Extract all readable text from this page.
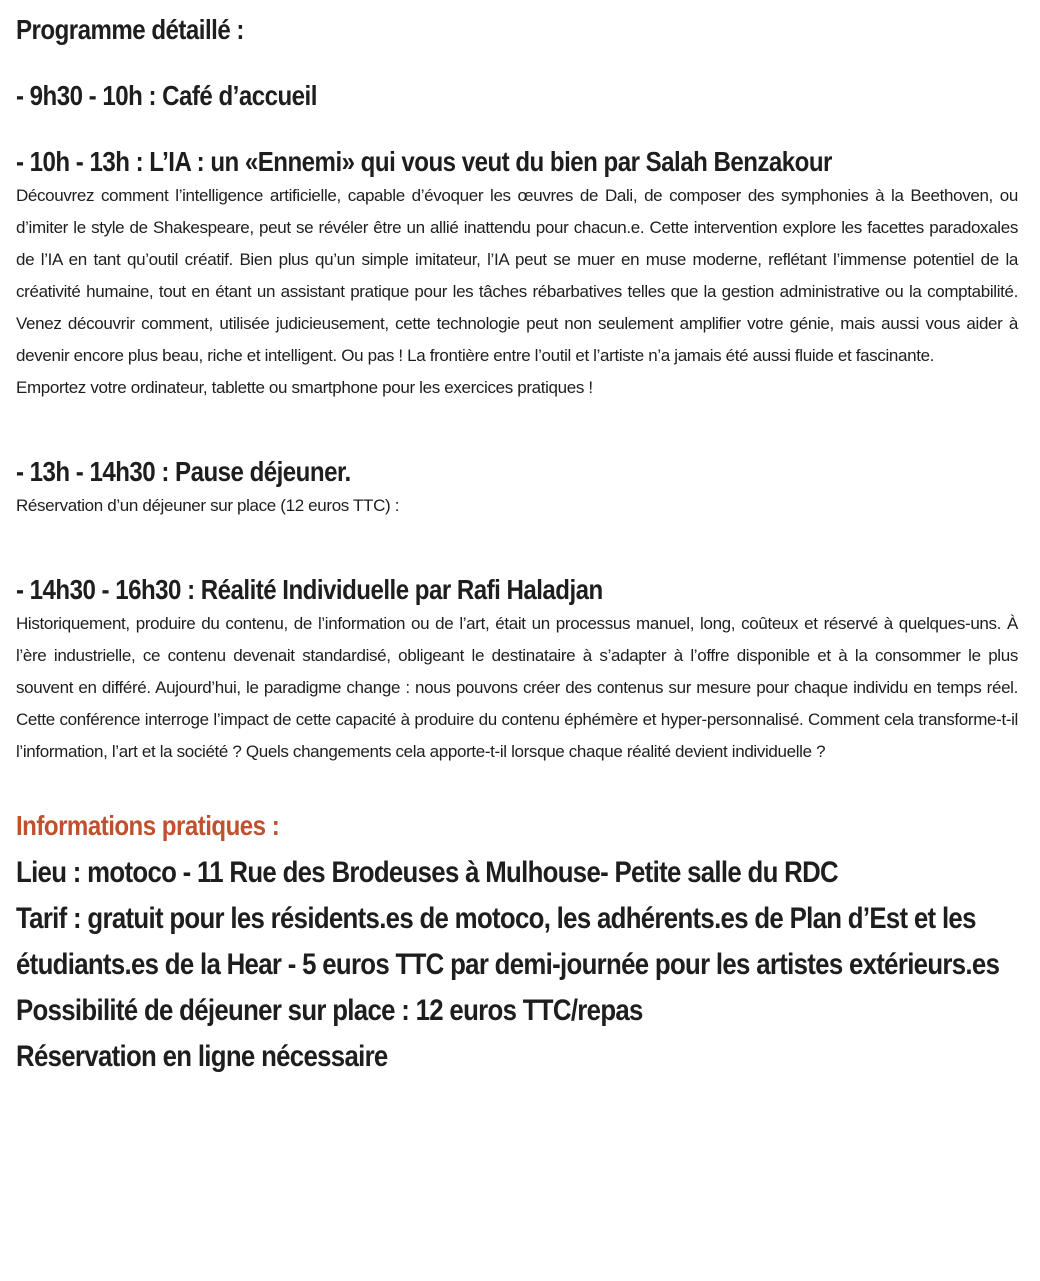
Programme détaillé :
- 9h30 - 10h : Café d’accueil
- 10h - 13h : L’IA : un «Ennemi» qui vous veut du bien par Salah Benzakour

Découvrez comment l’intelligence artificielle, capable d’évoquer les œuvres de Dali, de composer des symphonies à la Beethoven, ou d’imiter le style de Shakespeare, peut se révéler être un allié inattendu pour chacun.e. Cette intervention explore les facettes paradoxales de l’IA en tant qu’outil créatif. Bien plus qu’un simple imitateur, l’IA peut se muer en muse moderne, reflétant l’immense potentiel de la créativité humaine, tout en étant un assistant pratique pour les tâches rébarbatives telles que la gestion administrative ou la comptabilité. Venez découvrir comment, utilisée judicieusement, cette technologie peut non seulement amplifier votre génie, mais aussi vous aider à devenir encore plus beau, riche et intelligent. Ou pas ! La frontière entre l’outil et l’artiste n’a jamais été aussi fluide et fascinante.

Emportez votre ordinateur, tablette ou smartphone pour les exercices pratiques !

- 13h - 14h30 : Pause déjeuner.

Réservation d’un déjeuner sur place (12 euros TTC) :

- 14h30 - 16h30 : Réalité Individuelle par Rafi Haladjan

Historiquement, produire du contenu, de l’information ou de l’art, était un processus manuel, long, coûteux et réservé à quelques-uns. À l’ère industrielle, ce contenu devenait standardisé, obligeant le destinataire à s’adapter à l’offre disponible et à la consommer le plus souvent en différé. Aujourd’hui, le paradigme change : nous pouvons créer des contenus sur mesure pour chaque individu en temps réel. Cette conférence interroge l’impact de cette capacité à produire du contenu éphémère et hyper-personnalisé. Comment cela transforme-t-il l’information, l’art et la société ? Quels changements cela apporte-t-il lorsque chaque réalité devient individuelle ?

Informations pratiques :

Lieu : motoco - 11 Rue des Brodeuses à Mulhouse- Petite salle du RDC

Tarif : gratuit pour les résidents.es de motoco, les adhérents.es de Plan d’Est et les étudiants.es de la Hear - 5 euros TTC par demi-journée pour les artistes extérieurs.es

Possibilité de déjeuner sur place : 12 euros TTC/repas

Réservation en ligne nécessaire
